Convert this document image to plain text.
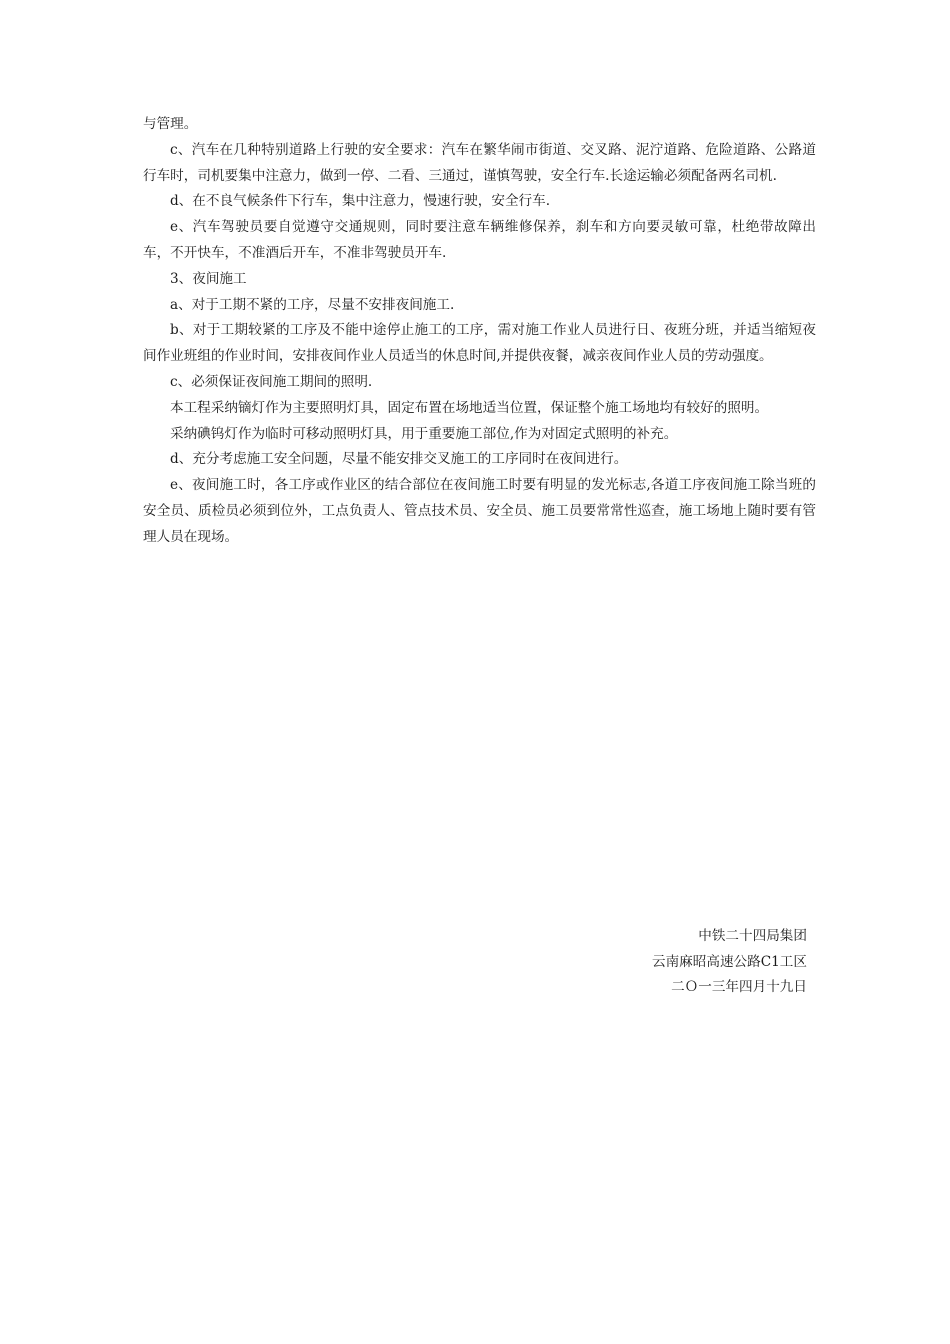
与管理。

c、汽车在几种特别道路上行驶的安全要求：汽车在繁华闹市街道、交叉路、泥泞道路、危险道路、公路道行车时，司机要集中注意力，做到一停、二看、三通过，谨慎驾驶，安全行车.长途运输必须配备两名司机.

d、在不良气候条件下行车，集中注意力，慢速行驶，安全行车.

e、汽车驾驶员要自觉遵守交通规则，同时要注意车辆维修保养，刹车和方向要灵敏可靠，杜绝带故障出车，不开快车，不准酒后开车，不准非驾驶员开车.

3、夜间施工

a、对于工期不紧的工序，尽量不安排夜间施工.

b、对于工期较紧的工序及不能中途停止施工的工序，需对施工作业人员进行日、夜班分班，并适当缩短夜间作业班组的作业时间，安排夜间作业人员适当的休息时间,并提供夜餐，减亲夜间作业人员的劳动强度。

c、必须保证夜间施工期间的照明.

本工程采纳镝灯作为主要照明灯具，固定布置在场地适当位置，保证整个施工场地均有较好的照明。

采纳碘钨灯作为临时可移动照明灯具，用于重要施工部位,作为对固定式照明的补充。

d、充分考虑施工安全问题，尽量不能安排交叉施工的工序同时在夜间进行。

e、夜间施工时，各工序或作业区的结合部位在夜间施工时要有明显的发光标志,各道工序夜间施工除当班的安全员、质检员必须到位外，工点负责人、管点技术员、安全员、施工员要常常性巡查，施工场地上随时要有管理人员在现场。

中铁二十四局集团

云南麻昭高速公路C1工区

二Ｏ一三年四月十九日
